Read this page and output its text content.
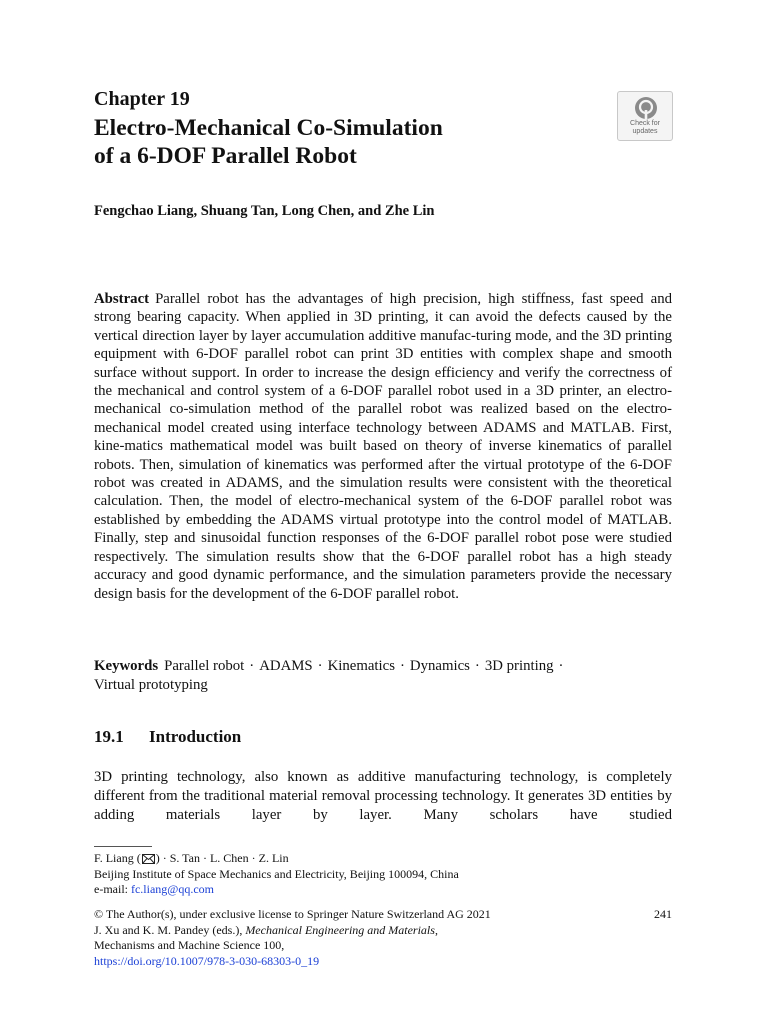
Chapter 19
Electro-Mechanical Co-Simulation
of a 6-DOF Parallel Robot
Check for
updates
Fengchao Liang, Shuang Tan, Long Chen, and Zhe Lin
Abstract Parallel robot has the advantages of high precision, high stiffness, fast speed and strong bearing capacity. When applied in 3D printing, it can avoid the defects caused by the vertical direction layer by layer accumulation additive manufac-turing mode, and the 3D printing equipment with 6-DOF parallel robot can print 3D entities with complex shape and smooth surface without support. In order to increase the design efficiency and verify the correctness of the mechanical and control system of a 6-DOF parallel robot used in a 3D printer, an electro-mechanical co-simulation method of the parallel robot was realized based on the electro-mechanical model created using interface technology between ADAMS and MATLAB. First, kine-matics mathematical model was built based on theory of inverse kinematics of parallel robots. Then, simulation of kinematics was performed after the virtual prototype of the 6-DOF robot was created in ADAMS, and the simulation results were consistent with the theoretical calculation. Then, the model of electro-mechanical system of the 6-DOF parallel robot was established by embedding the ADAMS virtual prototype into the control model of MATLAB. Finally, step and sinusoidal function responses of the 6-DOF parallel robot pose were studied respectively. The simulation results show that the 6-DOF parallel robot has a high steady accuracy and good dynamic performance, and the simulation parameters provide the necessary design basis for the development of the 6-DOF parallel robot.
Keywords Parallel robot · ADAMS · Kinematics · Dynamics · 3D printing ·
Virtual prototyping
19.1 Introduction
3D printing technology, also known as additive manufacturing technology, is completely different from the traditional material removal processing technology. It generates 3D entities by adding materials layer by layer. Many scholars have studied
F. Liang ( ) · S. Tan · L. Chen · Z. Lin
Beijing Institute of Space Mechanics and Electricity, Beijing 100094, China
e-mail: fc.liang@qq.com
© The Author(s), under exclusive license to Springer Nature Switzerland AG 2021	241
J. Xu and K. M. Pandey (eds.), Mechanical Engineering and Materials,
Mechanisms and Machine Science 100,
https://doi.org/10.1007/978-3-030-68303-0_19
